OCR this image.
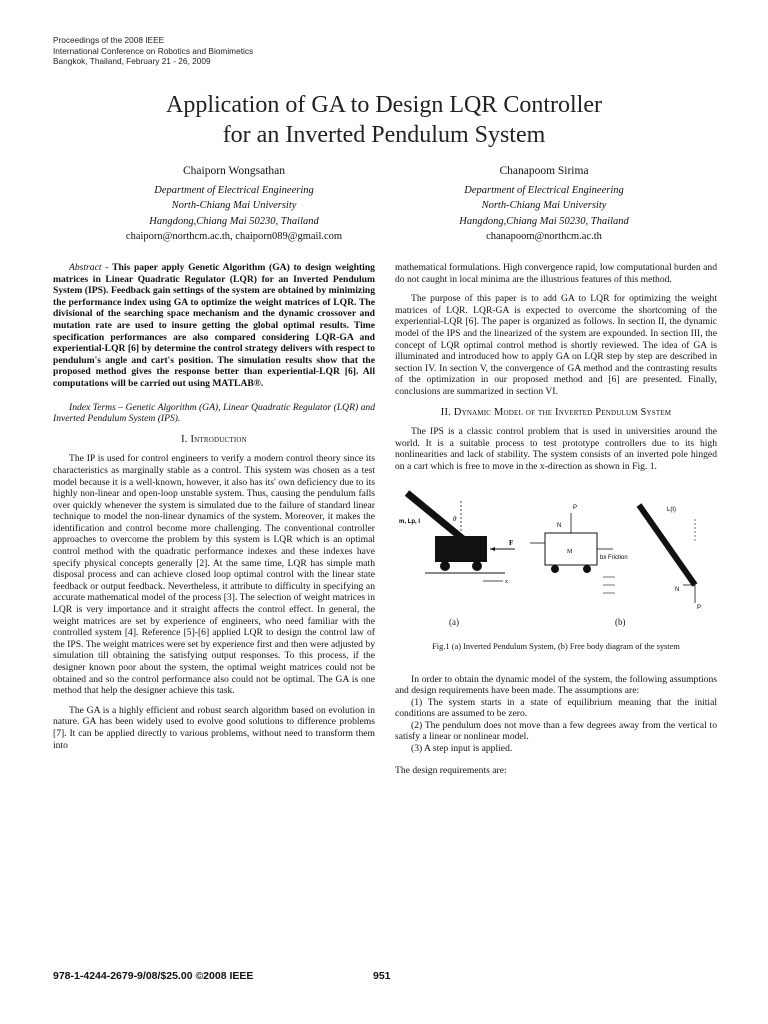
Proceedings of the 2008 IEEE
International Conference on Robotics and Biomimetics
Bangkok, Thailand, February 21 - 26, 2009
Application of GA to Design LQR Controller
for an Inverted Pendulum System
Chaiporn Wongsathan
Department of Electrical Engineering
North-Chiang Mai University
Hangdong,Chiang Mai 50230, Thailand
chaiporn@northcm.ac.th, chaiporn089@gmail.com
Chanapoom Sirima
Department of Electrical Engineering
North-Chiang Mai University
Hangdong,Chiang Mai 50230, Thailand
chanapoom@northcm.ac.th

Abstract - This paper apply Genetic Algorithm (GA) to design weighting matrices in Linear Quadratic Regulator (LQR) for an Inverted Pendulum System (IPS). Feedback gain settings of the system are obtained by minimizing the performance index using GA to optimize the weight matrices of LQR. The divisional of the searching space mechanism and the dynamic crossover and mutation rate are used to insure getting the global optimal results. Time specification performances are also compared considering LQR-GA and experiential-LQR [6] by determine the control strategy delivers with respect to pendulum's angle and cart's position. The simulation results show that the proposed method gives the response better than experiential-LQR [6]. All computations will be carried out using MATLAB®.

Index Terms – Genetic Algorithm (GA), Linear Quadratic Regulator (LQR) and Inverted Pendulum System (IPS).

I. Introduction

The IP is used for control engineers to verify a modern control theory since its characteristics as marginally stable as a control. This system was chosen as a test model because it is a well-known, however, it also has its' own deficiency due to its highly non-linear and open-loop unstable system. Thus, causing the pendulum falls over quickly whenever the system is simulated due to the failure of standard linear technique to model the non-linear dynamics of the system. Moreover, it makes the identification and control become more challenging. The conventional controller approaches to overcome the problem by this system is LQR which is an optimal control method with the quadratic performance indexes and these indexes have specify physical concepts generally [2]. At the same time, LQR has simple math disposal process and can achieve closed loop optimal control with the linear state feedback or output feedback. Nevertheless, it attribute to difficulty in specifying an accurate mathematical model of the process [3]. The selection of weight matrices in LQR is very importance and it straight affects the control effect. In general, the weight matrices are set by experience of engineers, who need familiar with the controlled system [4]. Reference [5]-[6] applied LQR to design the control law of the IPS. The weight matrices were set by experience first and then were adjusted by simulation till obtaining the satisfying output responses. To this process, if the designer known poor about the system, the optimal weight matrices could not be obtained and so the control performance also could not be optimal. The GA is one method that help the designer achieve this task.

The GA is a highly efficient and robust search algorithm based on evolution in nature. GA has been widely used to evolve good solutions to difference problems [7]. It can be applied directly to various problems, without need to transform them into

mathematical formulations. High convergence rapid, low computational burden and do not caught in local minima are the illustrious features of this method.

The purpose of this paper is to add GA to LQR for optimizing the weight matrices of LQR. LQR-GA is expected to overcome the shortcoming of the experiential-LQR [6]. The paper is organized as follows. In section II, the dynamic model of the IPS and the linearized of the system are expounded. In section III, the concept of LQR optimal control method is shortly reviewed. The idea of GA is illuminated and introduced how to apply GA on LQR step by step are described in section IV. In section V, the convergence of GA method and the contrasting results of the optimization in our proposed method and [6] are presented. Finally, conclusions are summarized in section VI.

II. Dynamic Model of the Inverted Pendulum System

The IPS is a classic control problem that is used in universities around the world. It is a suitable process to test prototype controllers due to its high nonlinearities and lack of stability. The system consists of an inverted pole hinged on a cart which is free to move in the x-direction as shown in Fig. 1.

m, Lp, I	θ
F
x
M
bẋ Friction
P
N
L(t)
N
P
(a)	(b)

Fig.1 (a) Inverted Pendulum System, (b) Free body diagram of the system

In order to obtain the dynamic model of the system, the following assumptions and design requirements have been made. The assumptions are:

(1) The system starts in a state of equilibrium meaning that the initial conditions are assumed to be zero.

(2) The pendulum does not move than a few degrees away from the vertical to satisfy a linear or nonlinear model.

(3) A step input is applied.

The design requirements are:

978-1-4244-2679-9/08/$25.00 ©2008 IEEE	951
